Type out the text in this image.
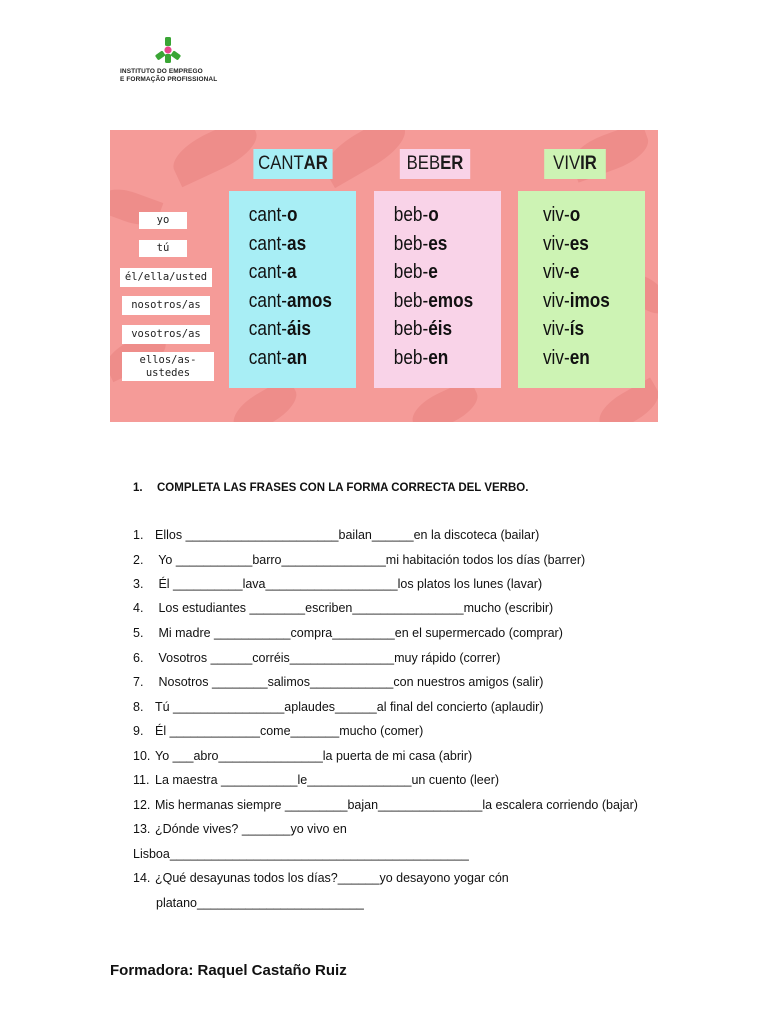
INSTITUTO DO EMPREGO
E FORMAÇÃO PROFISSIONAL
CANT AR	BEB ER	VIV IR
yo
tú
él/ella/usted
nosotros/as
vosotros/as
ellos/as-
ustedes
cant-o
cant-as
cant-a
cant-amos
cant-áis
cant-an
beb-o
beb-es
beb-e
beb-emos
beb-éis
beb-en
viv-o
viv-es
viv-e
viv-imos
viv-ís
viv-en
1. COMPLETA LAS FRASES CON LA FORMA CORRECTA DEL VERBO.
1. Ellos ______________________bailan______en la discoteca (bailar)
2. Yo ___________barro_______________mi habitación todos los días (barrer)
3. Él __________lava___________________los platos los lunes (lavar)
4. Los estudiantes ________escriben________________mucho (escribir)
5. Mi madre ___________compra_________en el supermercado (comprar)
6. Vosotros ______corréis_______________muy rápido (correr)
7. Nosotros ________salimos____________con nuestros amigos (salir)
8. Tú ________________aplaudes______al final del concierto (aplaudir)
9. Él _____________come_______mucho (comer)
10. Yo ___abro_______________la puerta de mi casa (abrir)
11. La maestra ___________le_______________un cuento (leer)
12. Mis hermanas siempre _________bajan_______________la escalera corriendo (bajar)
13. ¿Dónde vives? _______yo vivo en
Lisboa___________________________________________
14. ¿Qué desayunas todos los días?______yo desayono yogar cón
platano________________________
Formadora: Raquel Castaño Ruiz
